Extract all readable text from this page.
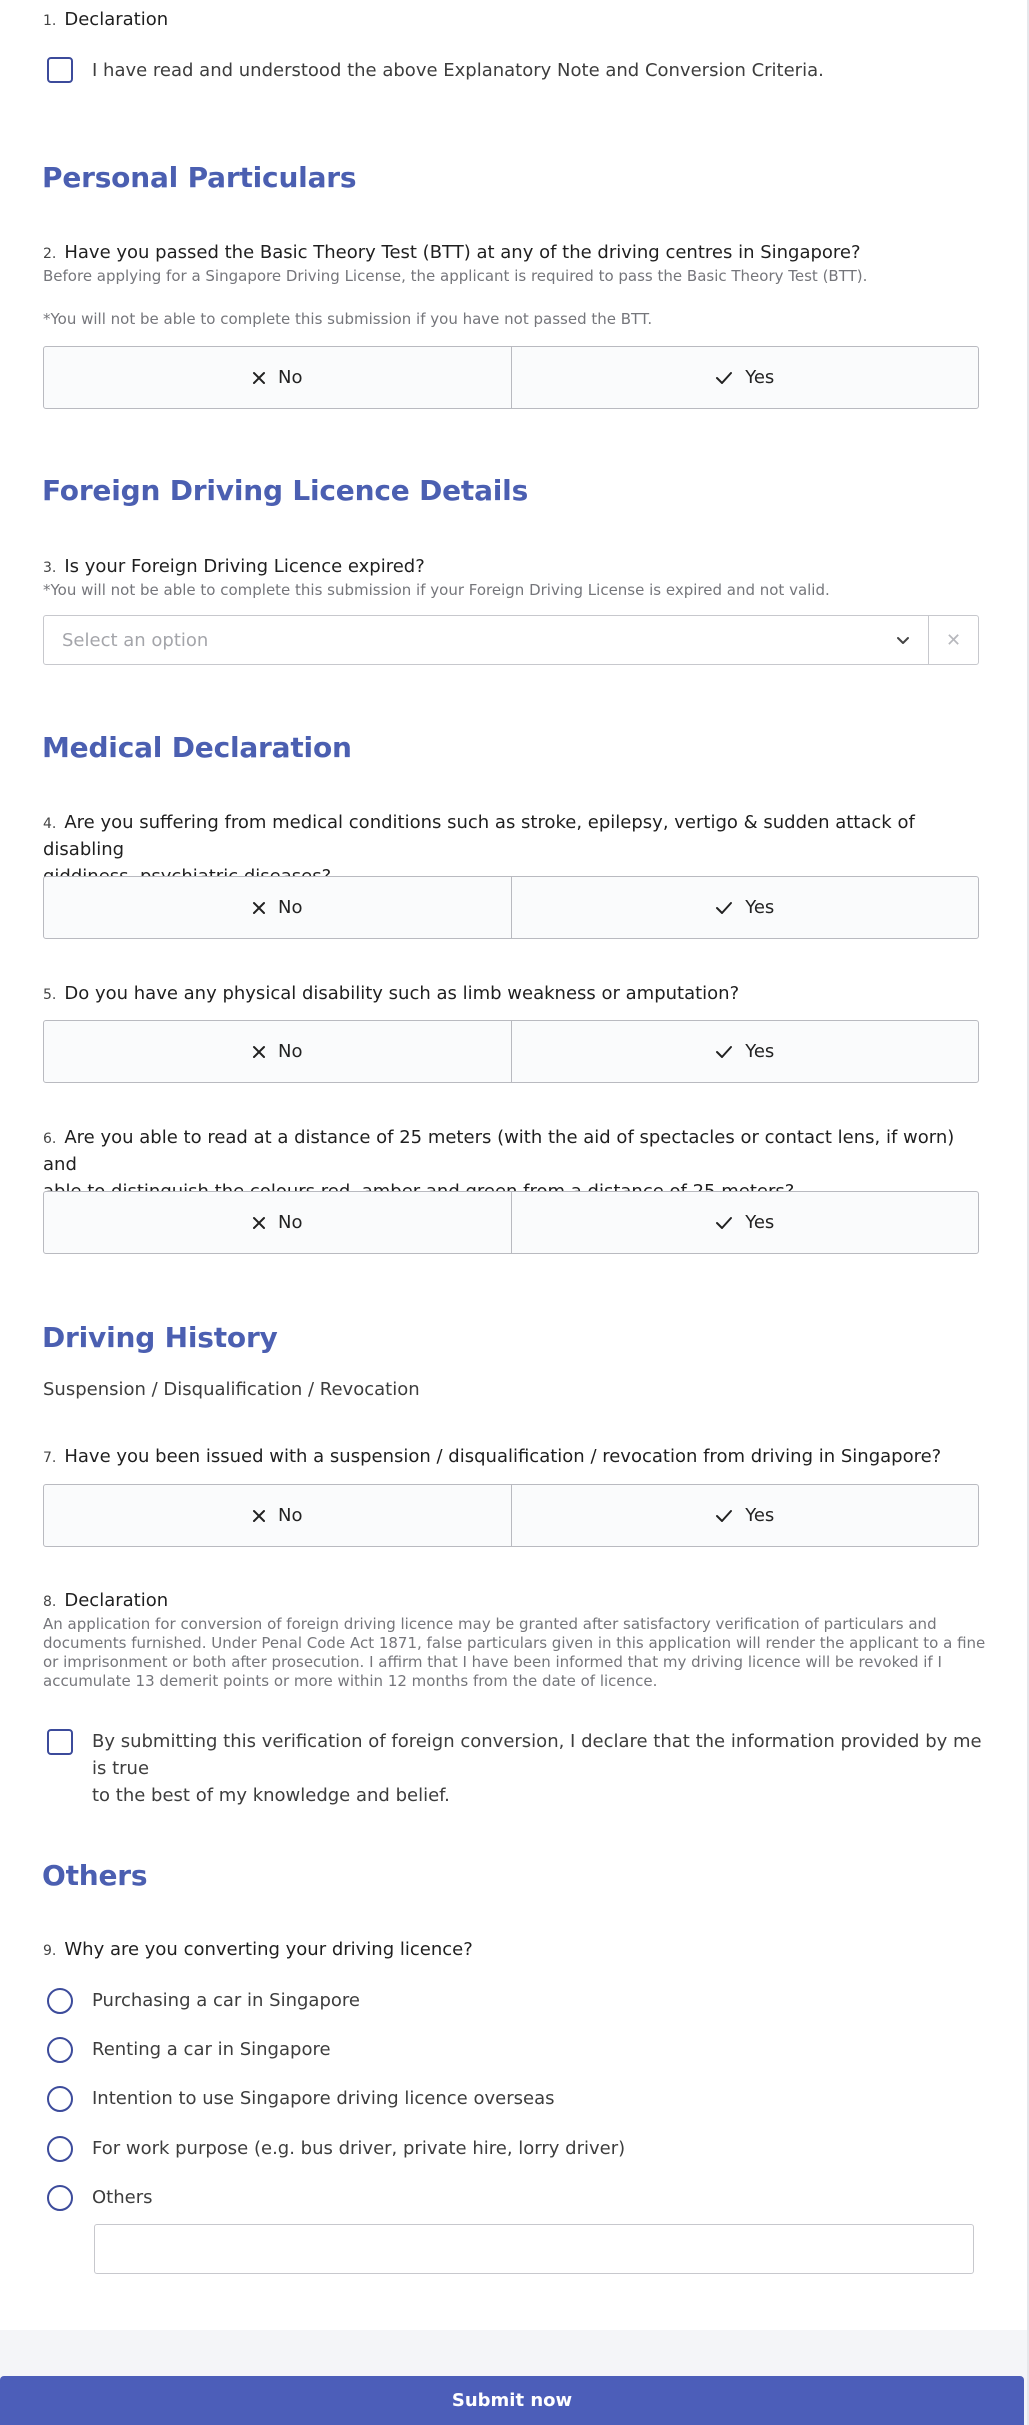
1. Declaration
I have read and understood the above Explanatory Note and Conversion Criteria.
Personal Particulars
2. Have you passed the Basic Theory Test (BTT) at any of the driving centres in Singapore?
Before applying for a Singapore Driving License, the applicant is required to pass the Basic Theory Test (BTT).
*You will not be able to complete this submission if you have not passed the BTT.
No	Yes
Foreign Driving Licence Details
3. Is your Foreign Driving Licence expired?
*You will not be able to complete this submission if your Foreign Driving License is expired and not valid.
Select an option	✕
Medical Declaration
4. Are you suffering from medical conditions such as stroke, epilepsy, vertigo & sudden attack of disabling
No	Yes
5. Do you have any physical disability such as limb weakness or amputation?
No	Yes
6. Are you able to read at a distance of 25 meters (with the aid of spectacles or contact lens, if worn) and
No	Yes
Driving History
Suspension / Disqualification / Revocation
7. Have you been issued with a suspension / disqualification / revocation from driving in Singapore?
No	Yes
8. Declaration
An application for conversion of foreign driving licence may be granted after satisfactory verification of particulars and
documents furnished. Under Penal Code Act 1871, false particulars given in this application will render the applicant to a fine
or imprisonment or both after prosecution. I affirm that I have been informed that my driving licence will be revoked if I
accumulate 13 demerit points or more within 12 months from the date of licence.
By submitting this verification of foreign conversion, I declare that the information provided by me is true
to the best of my knowledge and belief.
Others
9. Why are you converting your driving licence?
Purchasing a car in Singapore
Renting a car in Singapore
Intention to use Singapore driving licence overseas
For work purpose (e.g. bus driver, private hire, lorry driver)
Others
Submit now
